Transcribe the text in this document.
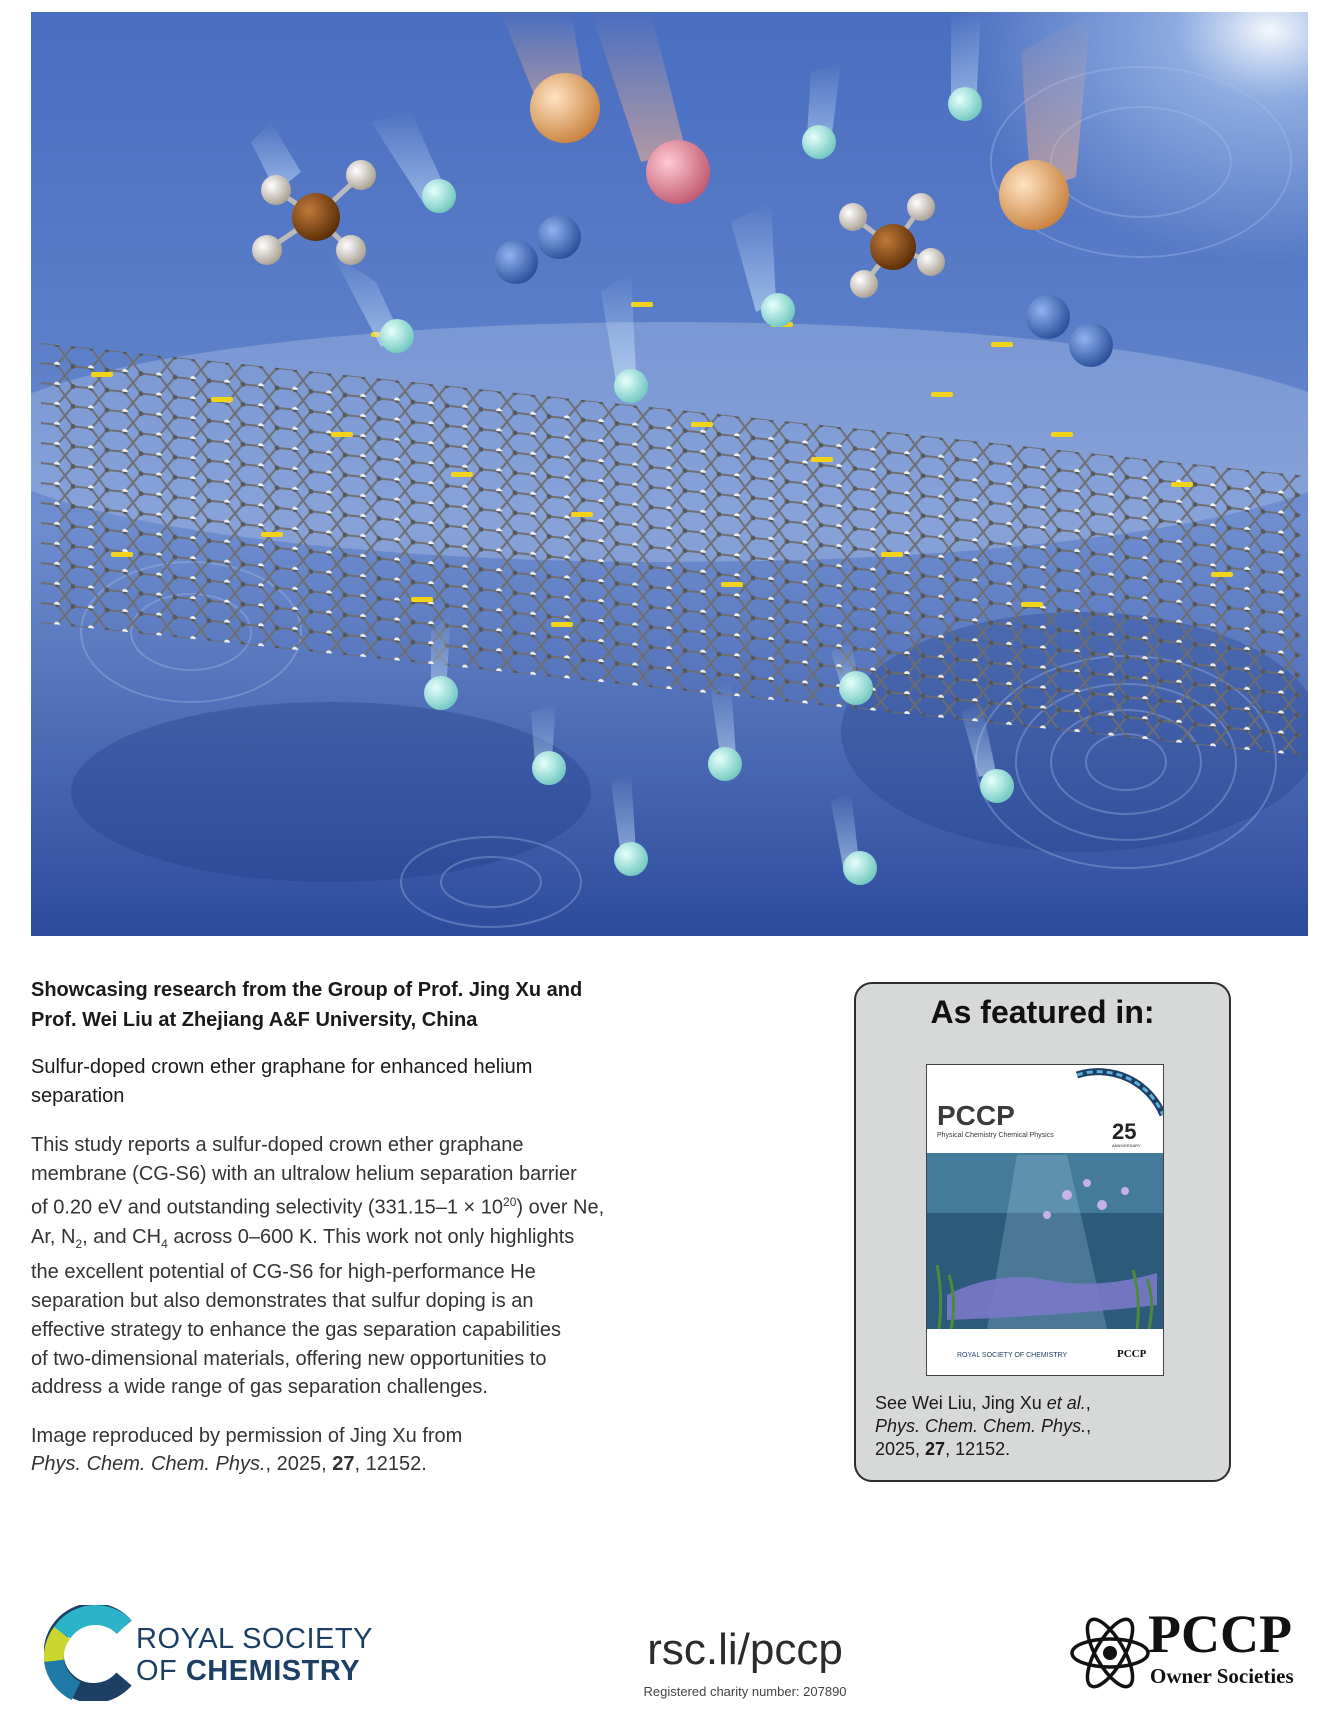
Showcasing research from the Group of Prof. Jing Xu and
Prof. Wei Liu at Zhejiang A&F University, China

Sulfur-doped crown ether graphane for enhanced helium
separation

This study reports a sulfur-doped crown ether graphane
membrane (CG-S6) with an ultralow helium separation barrier
of 0.20 eV and outstanding selectivity $(331.15-1 \times 10^{20})$ over Ne,
Ar, $N_2$, and $CH_4$ across 0–600 K. This work not only highlights
the excellent potential of CG-S6 for high-performance He
separation but also demonstrates that sulfur doping is an
effective strategy to enhance the gas separation capabilities
of two-dimensional materials, offering new opportunities to
address a wide range of gas separation challenges.

Image reproduced by permission of Jing Xu from
Phys. Chem. Chem. Phys., 2025, 27, 12152.

As featured in:

PCCP
Physical Chemistry Chemical Physics	25
ANNIVERSARY
ROYAL SOCIETY OF CHEMISTRY	PCCP
See Wei Liu, Jing Xu et al.,
Phys. Chem. Chem. Phys.,
2025, 27, 12152.
ROYAL SOCIETY
OF CHEMISTRY	rsc.li/pccp
Registered charity number: 207890
PCCP
Owner Societies
